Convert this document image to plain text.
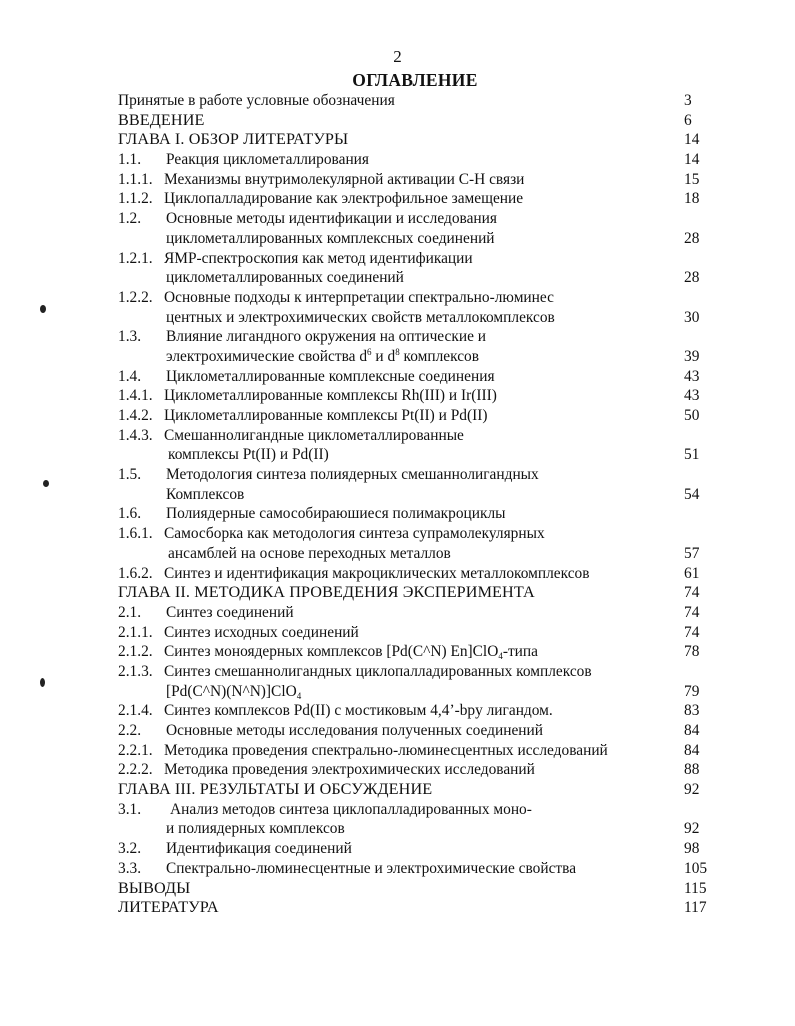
2
ОГЛАВЛЕНИЕ
Принятые в работе условные обозначения	3
ВВЕДЕНИЕ	6
ГЛАВА I. ОБЗОР ЛИТЕРАТУРЫ	14
1.1. Реакция циклометаллирования	14
1.1.1. Механизмы внутримолекулярной активации C-H связи	15
1.1.2. Циклопалладирование как электрофильное замещение	18
1.2. Основные методы идентификации и исследования
циклометаллированных комплексных соединений	28
1.2.1. ЯМР-спектроскопия как метод идентификации
циклометаллированных соединений	28
1.2.2. Основные подходы к интерпретации спектрально-люминес
центных и электрохимических свойств металлокомплексов	30
1.3. Влияние лигандного окружения на оптические и
электрохимические свойства $d^6$ и $d^8$ комплексов	39
1.4. Циклометаллированные комплексные соединения	43
1.4.1. Циклометаллированные комплексы Rh(III) и Ir(III)	43
1.4.2. Циклометаллированные комплексы Pt(II) и Pd(II)	50
1.4.3. Смешаннолигандные циклометаллированные
комплексы Pt(II) и Pd(II)	51
1.5. Методология синтеза полиядерных смешаннолигандных
Комплексов	54
1.6. Полиядерные самособираюшиеся полимакроциклы
1.6.1. Самосборка как методология синтеза супрамолекулярных
ансамблей на основе переходных металлов	57
1.6.2. Синтез и идентификация макроциклических металлокомплексов	61
ГЛАВА II. МЕТОДИКА ПРОВЕДЕНИЯ ЭКСПЕРИМЕНТА	74
2.1. Синтез соединений	74
2.1.1. Синтез исходных соединений	74
2.1.2. Синтез моноядерных комплексов [Pd(C^N) En]ClO$_4$-типа	78
2.1.3. Синтез смешаннолигандных циклопалладированных комплексов
[Pd(C^N)(N^N)]ClO$_4$	79
2.1.4. Синтез комплексов Pd(II) с мостиковым 4,4’-bpy лигандом.	83
2.2. Основные методы исследования полученных соединений	84
2.2.1. Методика проведения спектрально-люминесцентных исследований	84
2.2.2. Методика проведения электрохимических исследований	88
ГЛАВА III. РЕЗУЛЬТАТЫ И ОБСУЖДЕНИЕ	92
3.1. Анализ методов синтеза циклопалладированных моно-
и полиядерных комплексов	92
3.2. Идентификация соединений	98
3.3. Спектрально-люминесцентные и электрохимические свойства	105
ВЫВОДЫ	115
ЛИТЕРАТУРА	117
